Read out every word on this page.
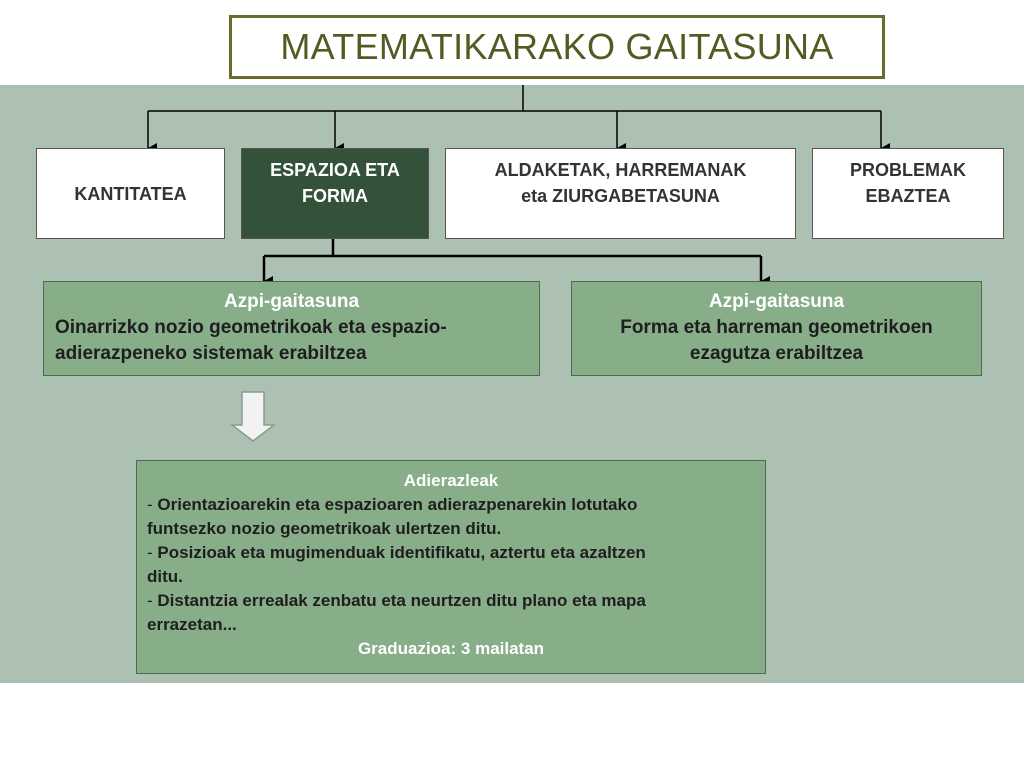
MATEMATIKARAKO GAITASUNA
KANTITATEA
ESPAZIOA ETA
FORMA
ALDAKETAK, HARREMANAK
eta ZIURGABETASUNA
PROBLEMAK
EBAZTEA
Azpi-gaitasuna
Oinarrizko nozio geometrikoak eta espazio-
adierazpeneko sistemak erabiltzea
Azpi-gaitasuna
Forma eta harreman geometrikoen
ezagutza erabiltzea
Adierazleak
- Orientazioarekin eta espazioaren adierazpenarekin lotutako
funtsezko nozio geometrikoak ulertzen ditu.
- Posizioak eta mugimenduak identifikatu, aztertu eta azaltzen
ditu.
- Distantzia errealak zenbatu eta neurtzen ditu plano eta mapa
errazetan...
Graduazioa: 3 mailatan
